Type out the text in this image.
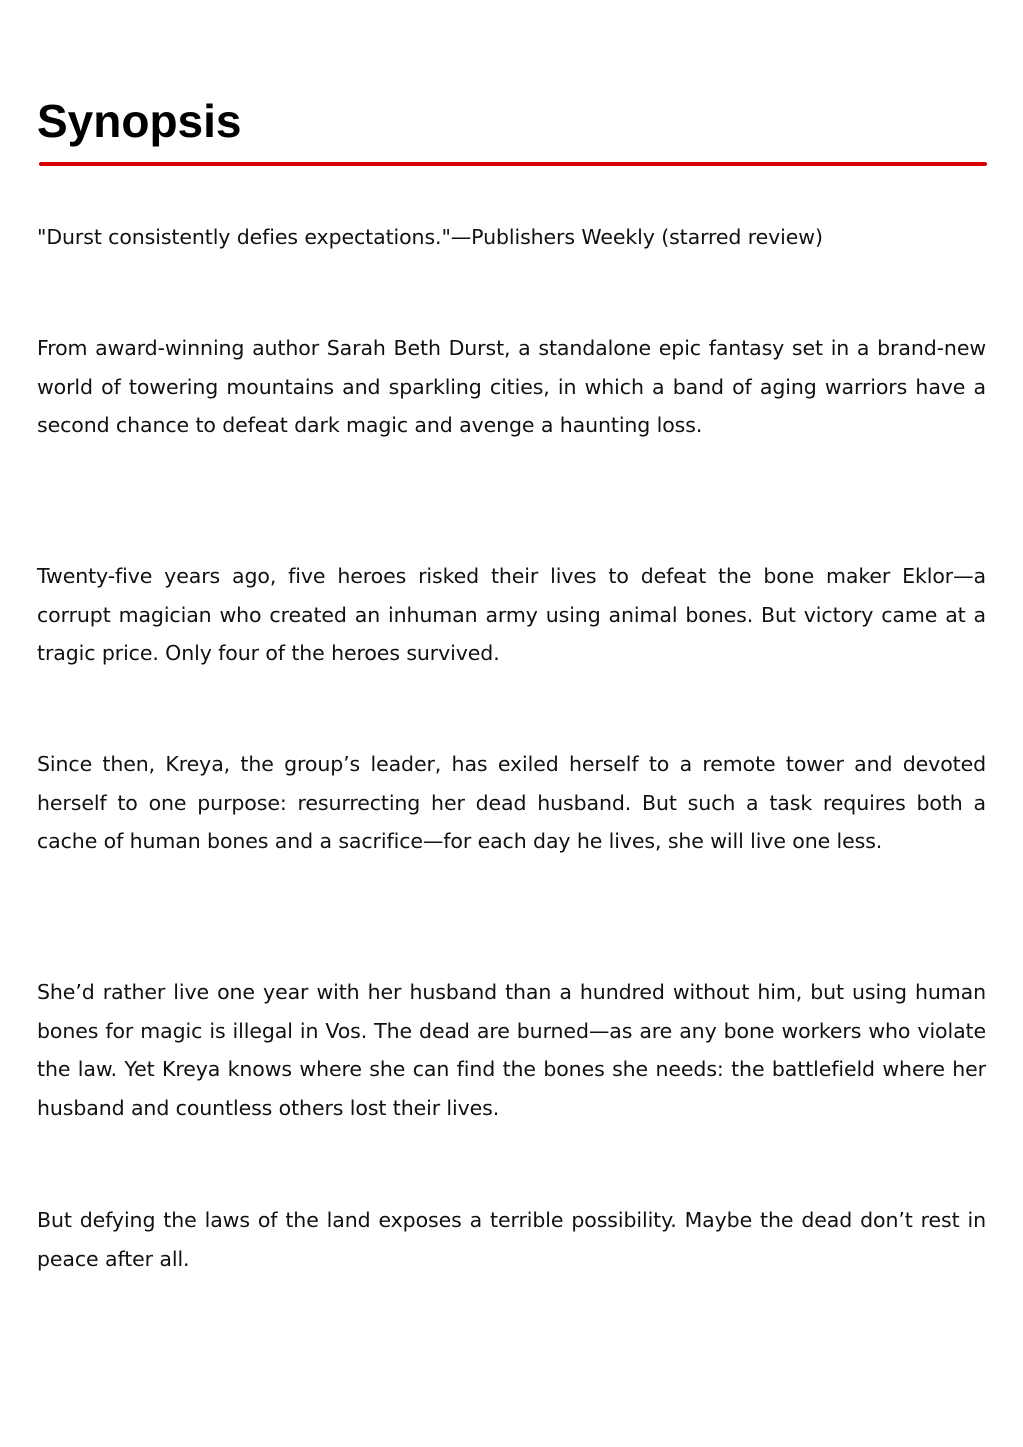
Synopsis

"Durst consistently defies expectations."—Publishers Weekly (starred review)

From award-winning author Sarah Beth Durst, a standalone epic fantasy set in a brand-new world of towering mountains and sparkling cities, in which a band of aging warriors have a second chance to defeat dark magic and avenge a haunting loss.

Twenty-five years ago, five heroes risked their lives to defeat the bone maker Eklor—a corrupt magician who created an inhuman army using animal bones. But victory came at a tragic price. Only four of the heroes survived.

Since then, Kreya, the group’s leader, has exiled herself to a remote tower and devoted herself to one purpose: resurrecting her dead husband. But such a task requires both a cache of human bones and a sacrifice—for each day he lives, she will live one less.

She’d rather live one year with her husband than a hundred without him, but using human bones for magic is illegal in Vos. The dead are burned—as are any bone workers who violate the law. Yet Kreya knows where she can find the bones she needs: the battlefield where her husband and countless others lost their lives.

But defying the laws of the land exposes a terrible possibility. Maybe the dead don’t rest in peace after all.
